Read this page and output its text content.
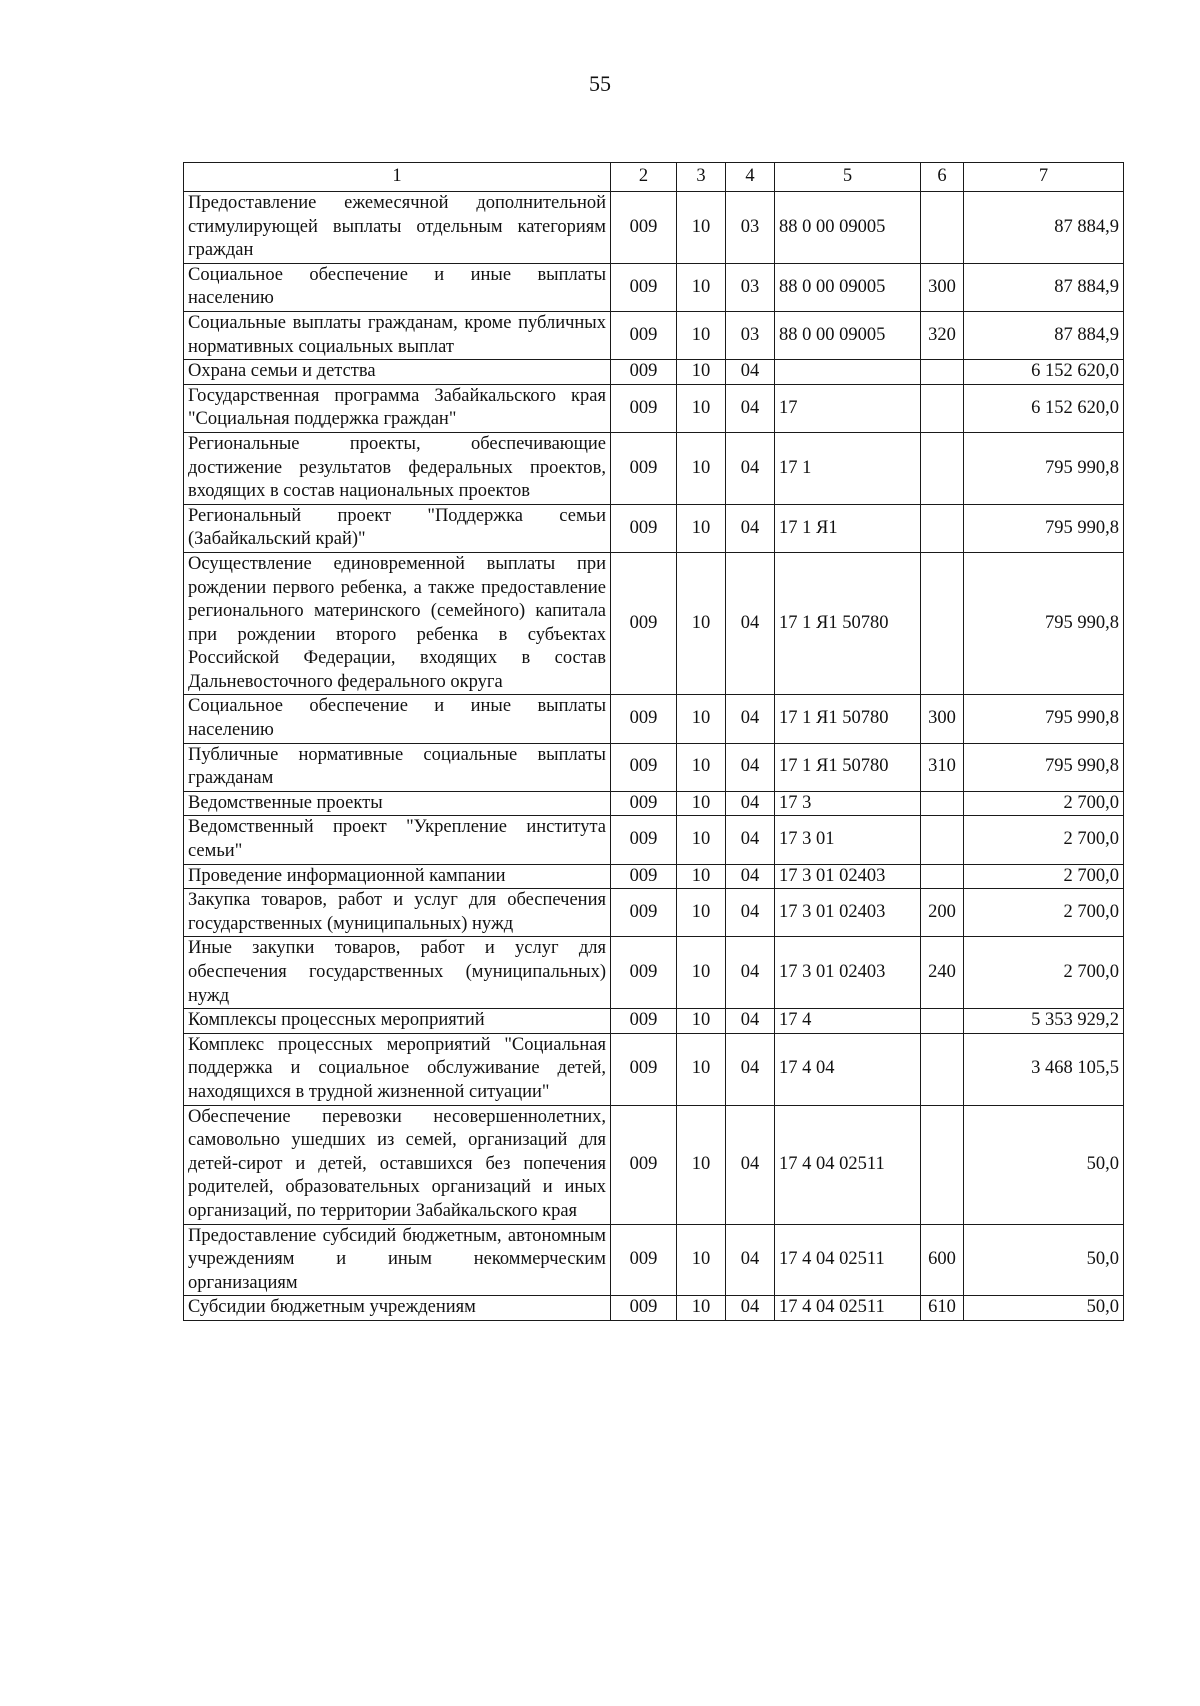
55
1	2	3	4	5	6	7
Предоставление ежемесячной дополнительной стимулирующей выплаты отдельным категориям граждан	009	10	03	88 0 00 09005		87 884,9
Социальное обеспечение и иные выплаты населению	009	10	03	88 0 00 09005	300	87 884,9
Социальные выплаты гражданам, кроме публичных нормативных социальных выплат	009	10	03	88 0 00 09005	320	87 884,9
Охрана семьи и детства	009	10	04			6 152 620,0
Государственная программа Забайкальского края "Социальная поддержка граждан"	009	10	04	17		6 152 620,0
Региональные проекты, обеспечивающие достижение результатов федеральных проектов, входящих в состав национальных проектов	009	10	04	17 1		795 990,8
Региональный проект "Поддержка семьи (Забайкальский край)"	009	10	04	17 1 Я1		795 990,8
Осуществление единовременной выплаты при рождении первого ребенка, а также предоставление регионального материнского (семейного) капитала при рождении второго ребенка в субъектах Российской Федерации, входящих в состав Дальневосточного федерального округа	009	10	04	17 1 Я1 50780		795 990,8
Социальное обеспечение и иные выплаты населению	009	10	04	17 1 Я1 50780	300	795 990,8
Публичные нормативные социальные выплаты гражданам	009	10	04	17 1 Я1 50780	310	795 990,8
Ведомственные проекты	009	10	04	17 3		2 700,0
Ведомственный проект "Укрепление института семьи"	009	10	04	17 3 01		2 700,0
Проведение информационной кампании	009	10	04	17 3 01 02403		2 700,0
Закупка товаров, работ и услуг для обеспечения государственных (муниципальных) нужд	009	10	04	17 3 01 02403	200	2 700,0
Иные закупки товаров, работ и услуг для обеспечения государственных (муниципальных) нужд	009	10	04	17 3 01 02403	240	2 700,0
Комплексы процессных мероприятий	009	10	04	17 4		5 353 929,2
Комплекс процессных мероприятий "Социальная поддержка и социальное обслуживание детей, находящихся в трудной жизненной ситуации"	009	10	04	17 4 04		3 468 105,5
Обеспечение перевозки несовершеннолетних, самовольно ушедших из семей, организаций для детей-сирот и детей, оставшихся без попечения родителей, образовательных организаций и иных организаций, по территории Забайкальского края	009	10	04	17 4 04 02511		50,0
Предоставление субсидий бюджетным, автономным учреждениям и иным некоммерческим организациям	009	10	04	17 4 04 02511	600	50,0
Субсидии бюджетным учреждениям	009	10	04	17 4 04 02511	610	50,0
